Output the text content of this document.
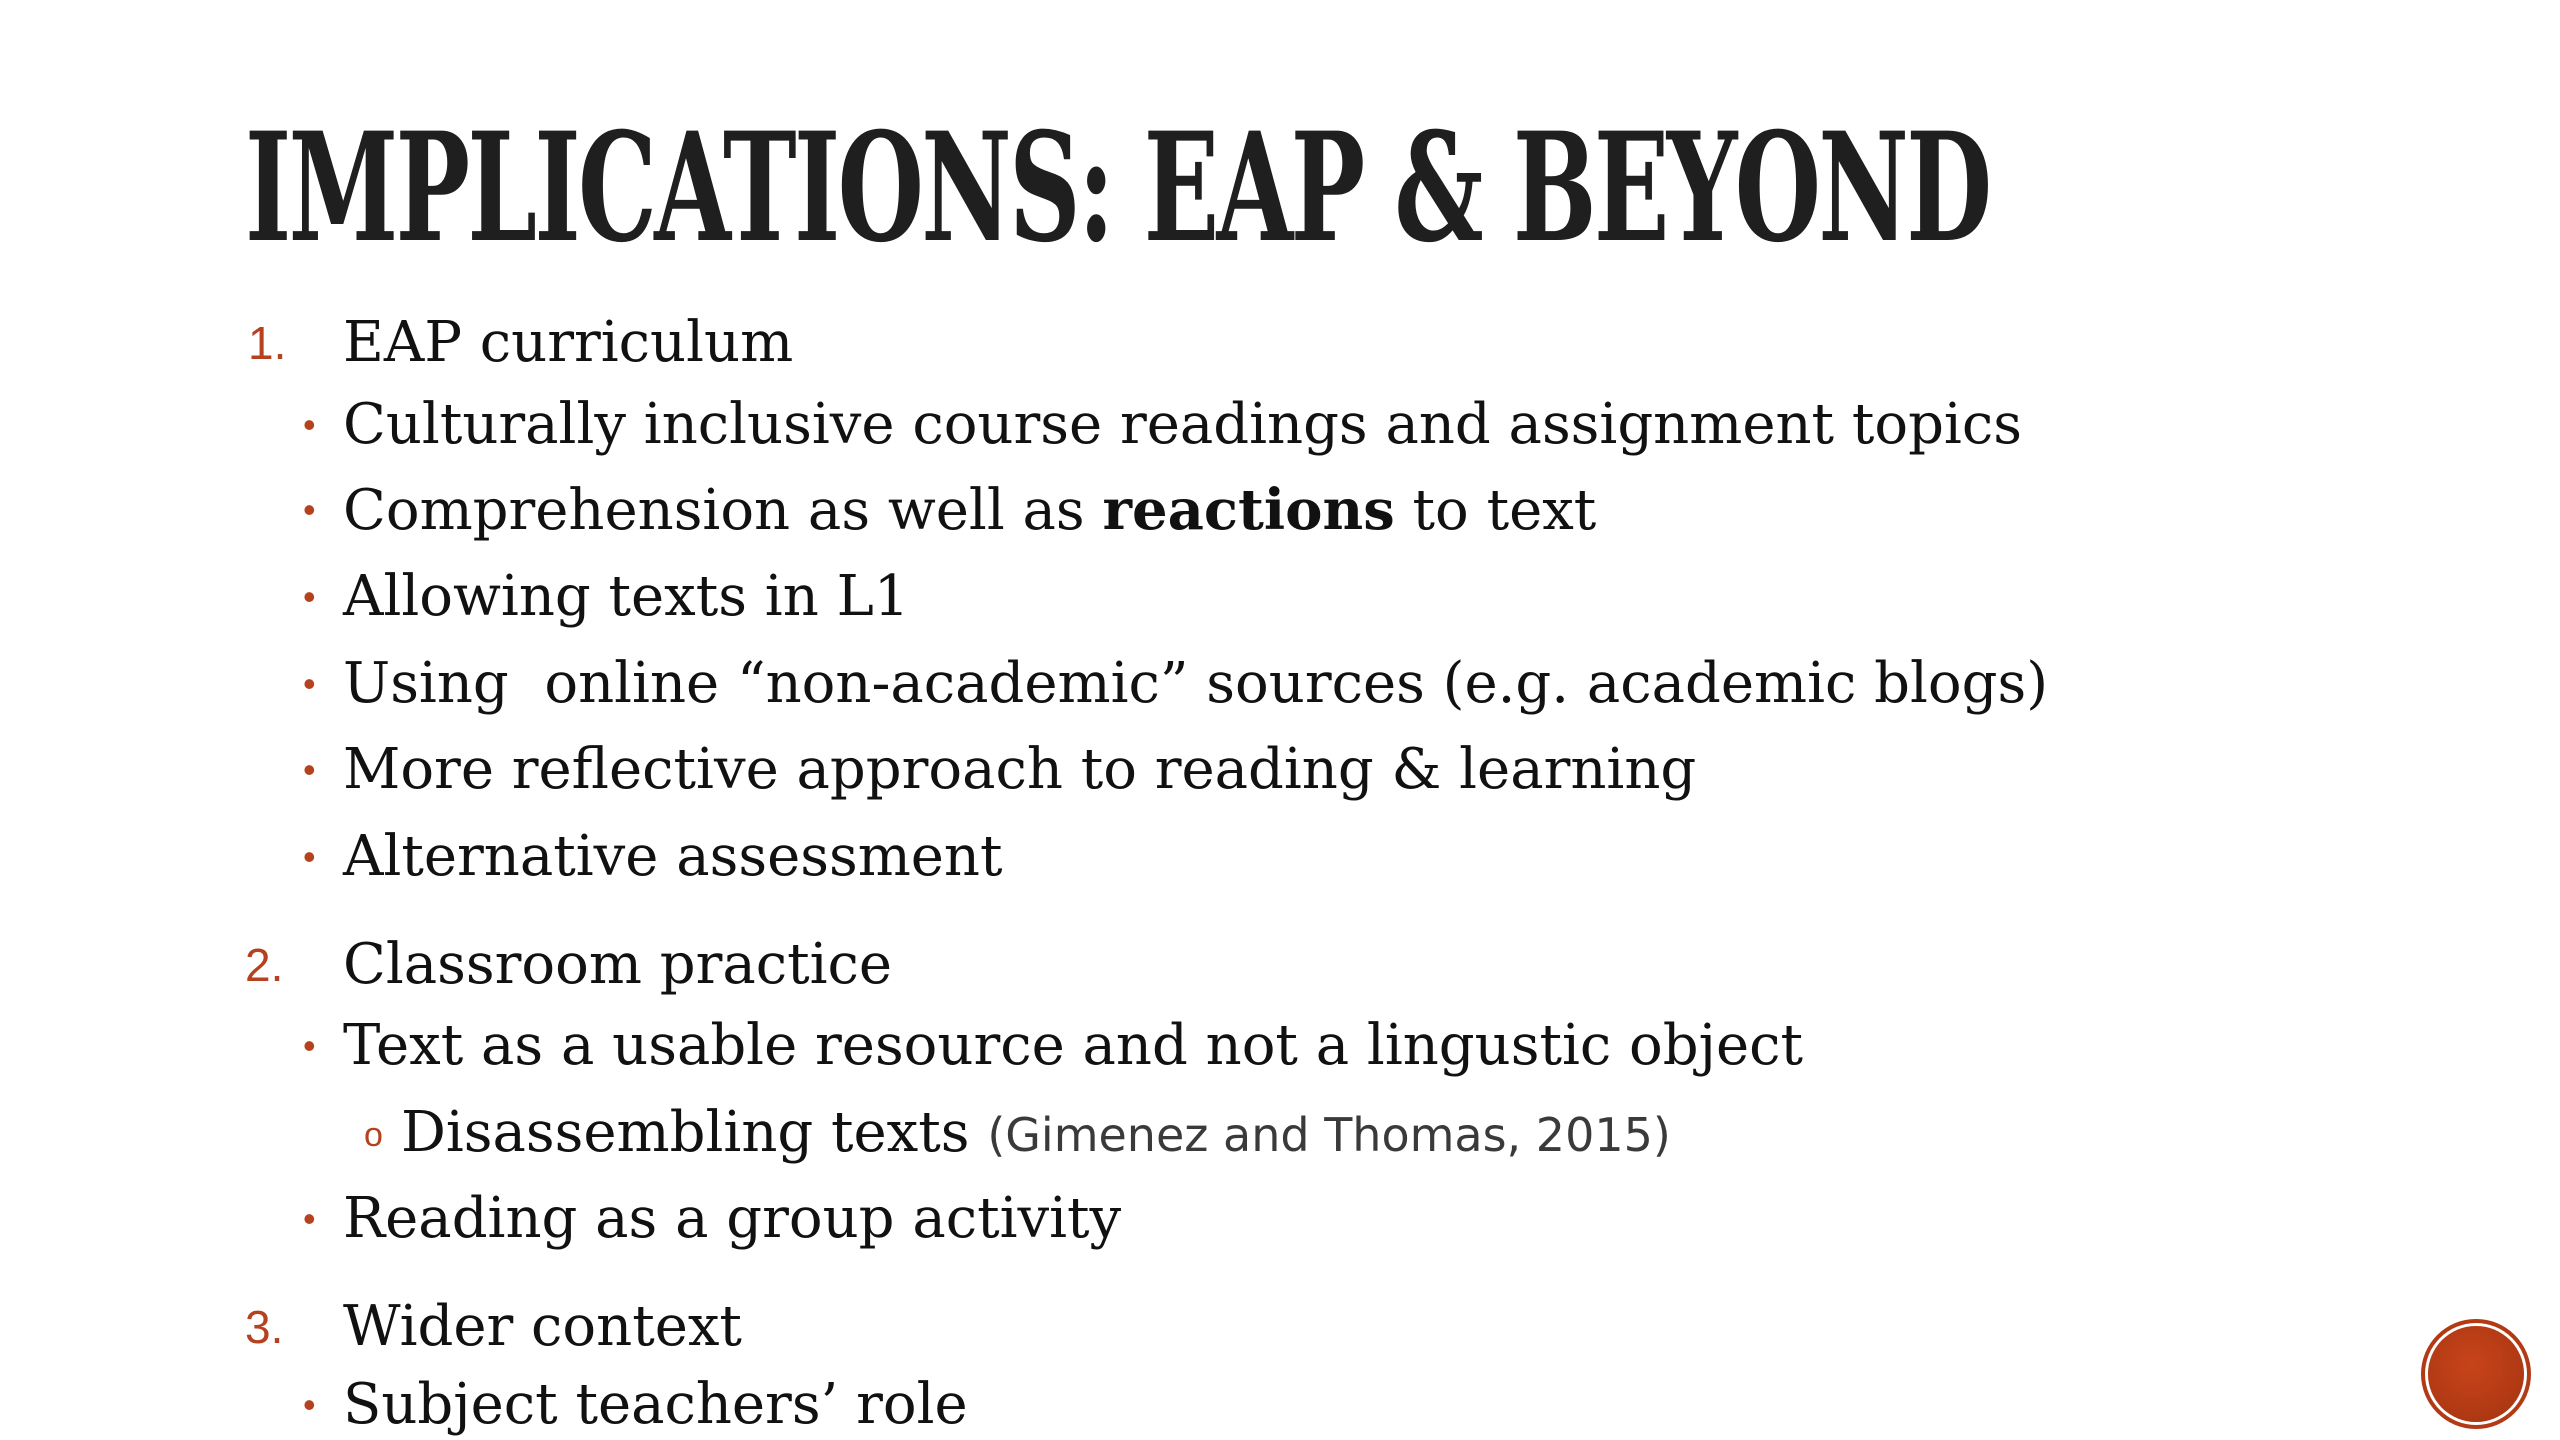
IMPLICATIONS: EAP & BEYOND
1. EAP curriculum
• Culturally inclusive course readings and assignment topics
• Comprehension as well as reactions to text
• Allowing texts in L1
• Using  online “non-academic” sources (e.g. academic blogs)
• More reflective approach to reading & learning
• Alternative assessment
2. Classroom practice
• Text as a usable resource and not a lingustic object
o Disassembling texts (Gimenez and Thomas, 2015)
• Reading as a group activity
3. Wider context
• Subject teachers’ role
